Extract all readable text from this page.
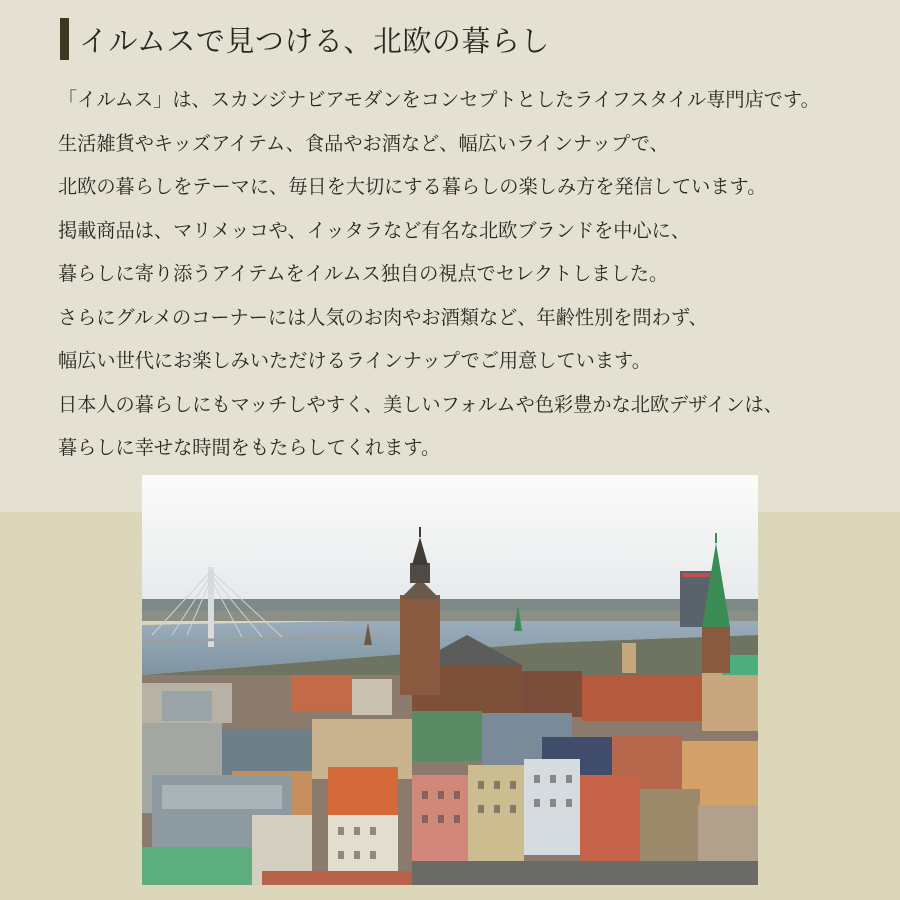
イルムスで見つける、北欧の暮らし
「イルムス」は、スカンジナビアモダンをコンセプトとしたライフスタイル専門店です。
生活雑貨やキッズアイテム、食品やお酒など、幅広いラインナップで、
北欧の暮らしをテーマに、毎日を大切にする暮らしの楽しみ方を発信しています。
掲載商品は、マリメッコや、イッタラなど有名な北欧ブランドを中心に、
暮らしに寄り添うアイテムをイルムス独自の視点でセレクトしました。
さらにグルメのコーナーには人気のお肉やお酒類など、年齢性別を問わず、
幅広い世代にお楽しみいただけるラインナップでご用意しています。
日本人の暮らしにもマッチしやすく、美しいフォルムや色彩豊かな北欧デザインは、
暮らしに幸せな時間をもたらしてくれます。
